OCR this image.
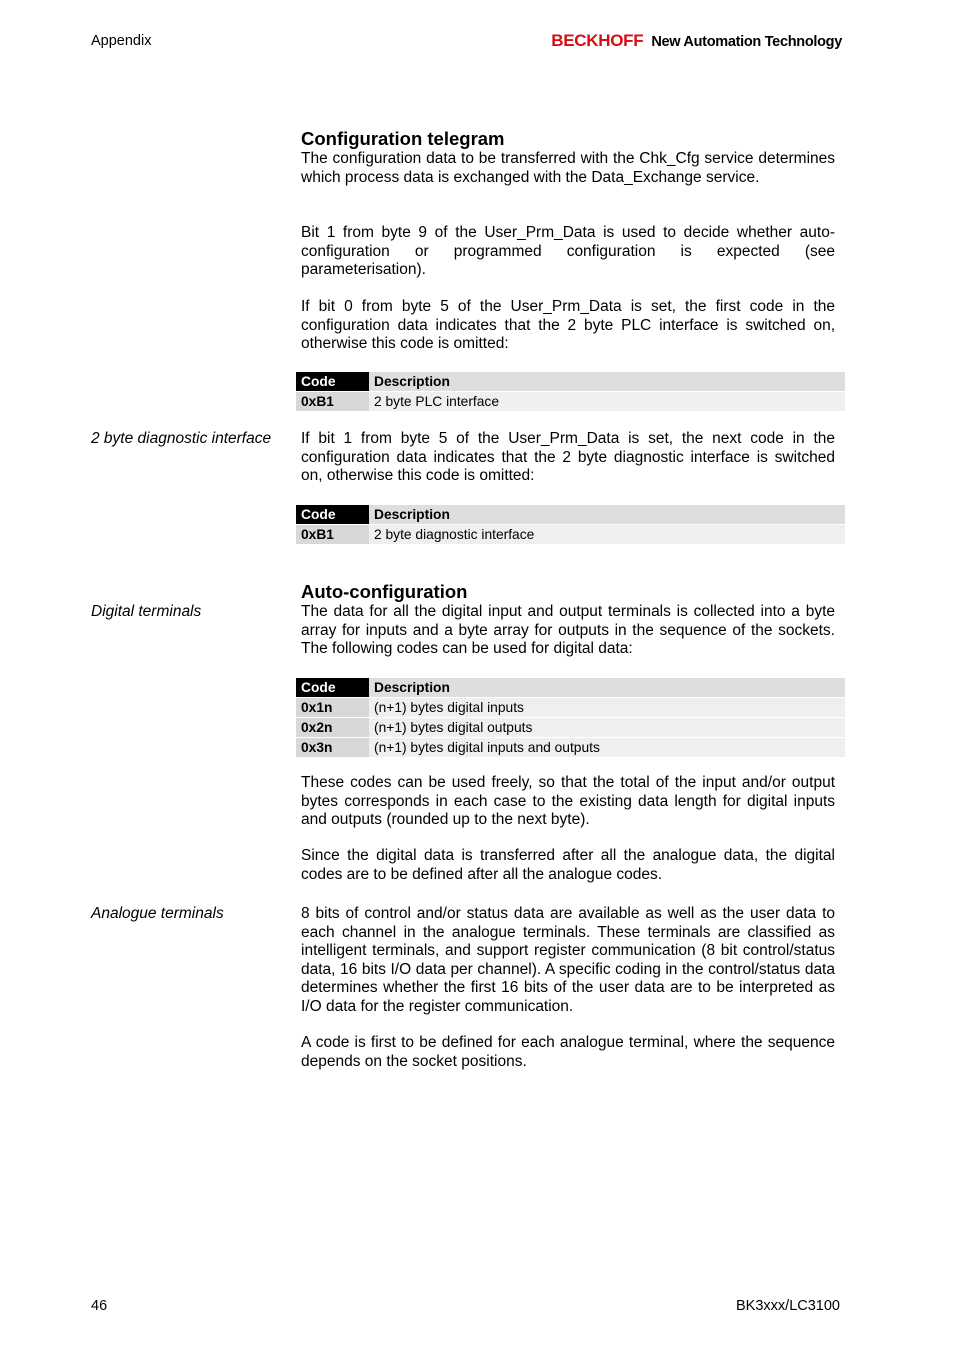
Appendix	BECKHOFF New Automation Technology
Configuration telegram
The configuration data to be transferred with the Chk_Cfg service determines which process data is exchanged with the Data_Exchange service.
Bit 1 from byte 9 of the User_Prm_Data is used to decide whether auto-configuration or programmed configuration is expected (see parameterisation).
If bit 0 from byte 5 of the User_Prm_Data is set, the first code in the configuration data indicates that the 2 byte PLC interface is switched on, otherwise this code is omitted:
Code	Description
0xB1	2 byte PLC interface
2 byte diagnostic interface If bit 1 from byte 5 of the User_Prm_Data is set, the next code in the configuration data indicates that the 2 byte diagnostic interface is switched on, otherwise this code is omitted:
Code	Description
0xB1	2 byte diagnostic interface
Auto-configuration
Digital terminals	The data for all the digital input and output terminals is collected into a byte array for inputs and a byte array for outputs in the sequence of the sockets. The following codes can be used for digital data:
Code	Description
0x1n	(n+1) bytes digital inputs
0x2n	(n+1) bytes digital outputs
0x3n	(n+1) bytes digital inputs and outputs
These codes can be used freely, so that the total of the input and/or output bytes corresponds in each case to the existing data length for digital inputs and outputs (rounded up to the next byte).
Since the digital data is transferred after all the analogue data, the digital codes are to be defined after all the analogue codes.
Analogue terminals	8 bits of control and/or status data are available as well as the user data to each channel in the analogue terminals. These terminals are classified as intelligent terminals, and support register communication (8 bit control/status data, 16 bits I/O data per channel). A specific coding in the control/status data determines whether the first 16 bits of the user data are to be interpreted as I/O data for the register communication.
A code is first to be defined for each analogue terminal, where the sequence depends on the socket positions.
46	BK3xxx/LC3100
